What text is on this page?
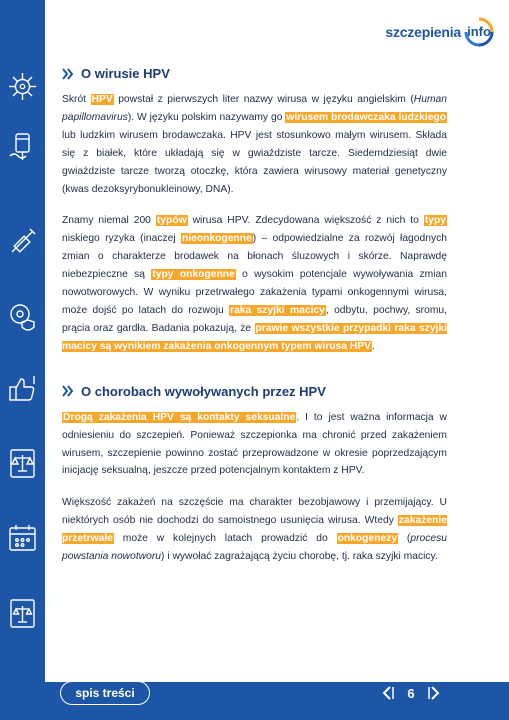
szczepienia info
O wirusie HPV

Skrót HPV powstał z pierwszych liter nazwy wirusa w języku angielskim (Human papillomavirus). W języku polskim nazywamy go wirusem brodawczaka ludzkiego lub ludzkim wirusem brodawczaka. HPV jest stosunkowo małym wirusem. Składa się z białek, które układają się w gwiaździste tarcze. Siedemdziesiąt dwie gwiaździste tarcze tworzą otoczkę, która zawiera wirusowy materiał genetyczny (kwas dezoksyrybonukleinowy, DNA).

Znamy niemal 200 typów wirusa HPV. Zdecydowana większość z nich to typy niskiego ryzyka (inaczej nieonkogenne) – odpowiedzialne za rozwój łagodnych zmian o charakterze brodawek na błonach śluzowych i skórze. Naprawdę niebezpieczne są typy onkogenne o wysokim potencjale wywoływania zmian nowotworowych. W wyniku przetrwałego zakażenia typami onkogennymi wirusa, może dojść po latach do rozwoju raka szyjki macicy, odbytu, pochwy, sromu, prącia oraz gardła. Badania pokazują, że prawie wszystkie przypadki raka szyjki macicy są wynikiem zakażenia onkogennym typem wirusa HPV.

O chorobach wywoływanych przez HPV

Drogą zakażenia HPV są kontakty seksualne. I to jest ważna informacja w odniesieniu do szczepień. Ponieważ szczepionka ma chronić przed zakażeniem wirusem, szczepienie powinno zostać przeprowadzone w okresie poprzedzającym inicjację seksualną, jeszcze przed potencjalnym kontaktem z HPV.

Większość zakażeń na szczęście ma charakter bezobjawowy i przemijający. U niektórych osób nie dochodzi do samoistnego usunięcia wirusa. Wtedy zakażenie przetrwałe może w kolejnych latach prowadzić do onkogenezy (procesu powstania nowotworu) i wywołać zagrażającą życiu chorobę, tj. raka szyjki macicy.

spis treści	6
